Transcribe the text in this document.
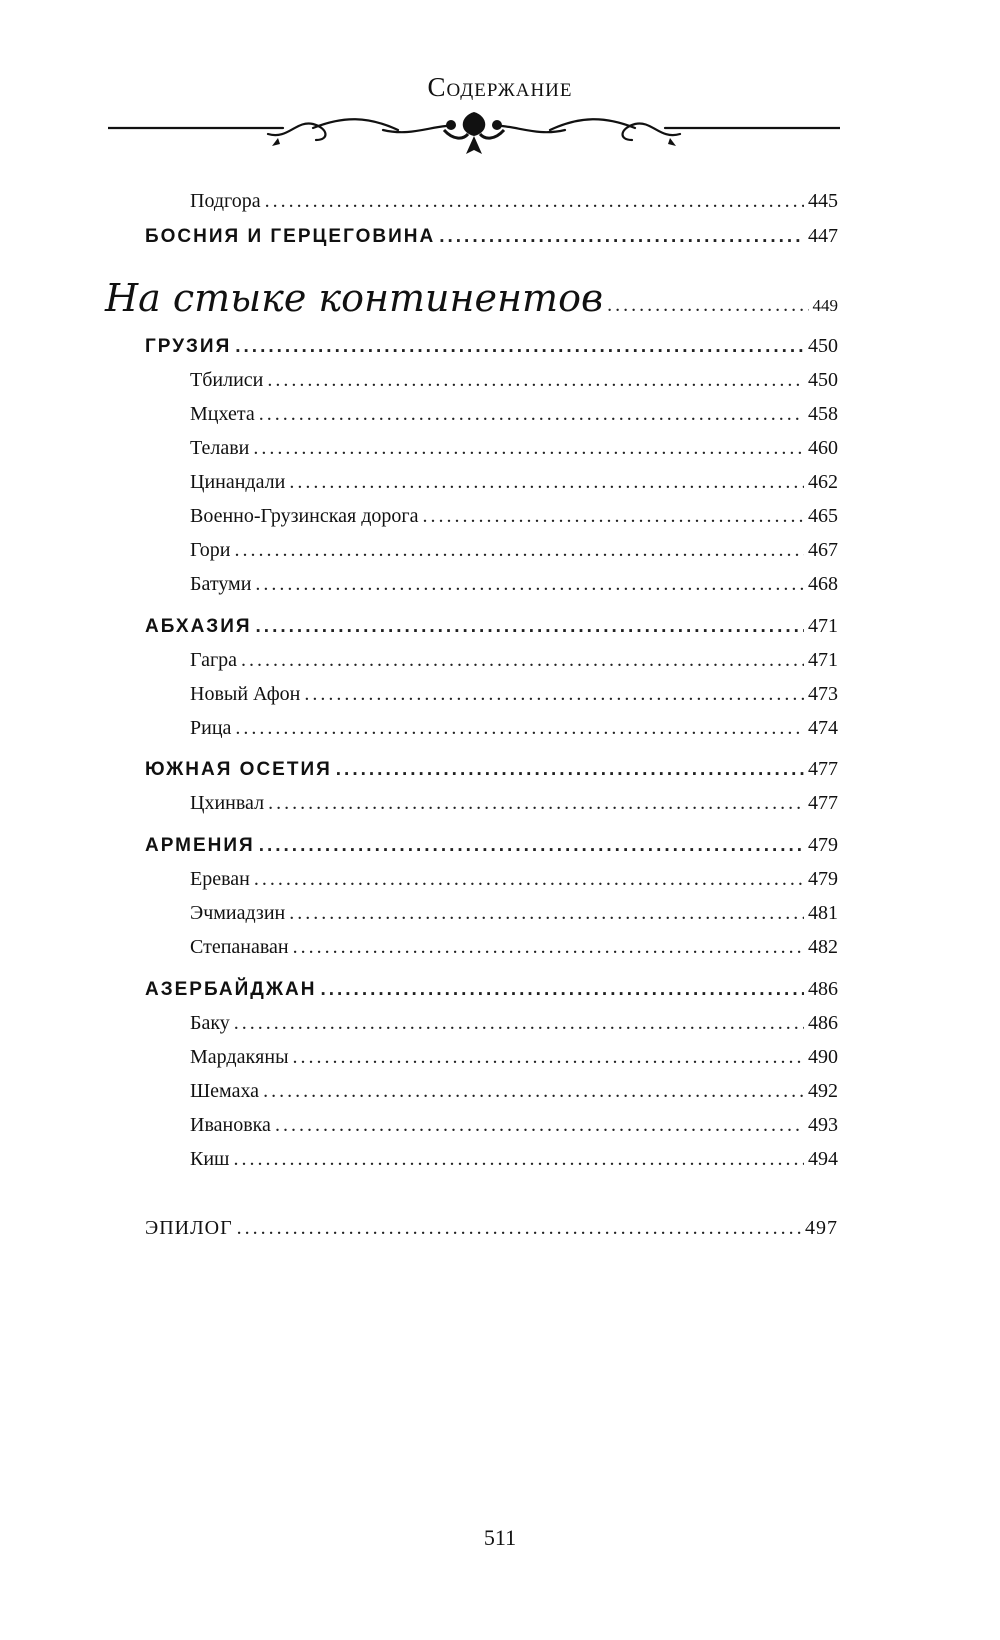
Содержание
Подгора .....	445
БОСНИЯ И ГЕРЦЕГОВИНА .....	447
На стыке континентов .....	449
ГРУЗИЯ .....	450
Тбилиси .....	450
Мцхета .....	458
Телави .....	460
Цинандали .....	462
Военно-Грузинская дорога .....	465
Гори .....	467
Батуми .....	468
АБХАЗИЯ .....	471
Гагра .....	471
Новый Афон .....	473
Рица .....	474
ЮЖНАЯ ОСЕТИЯ .....	477
Цхинвал .....	477
АРМЕНИЯ .....	479
Ереван .....	479
Эчмиадзин .....	481
Степанаван .....	482
АЗЕРБАЙДЖАН .....	486
Баку .....	486
Мардакяны .....	490
Шемаха .....	492
Ивановка .....	493
Киш .....	494
ЭПИЛОГ .....	497
511
